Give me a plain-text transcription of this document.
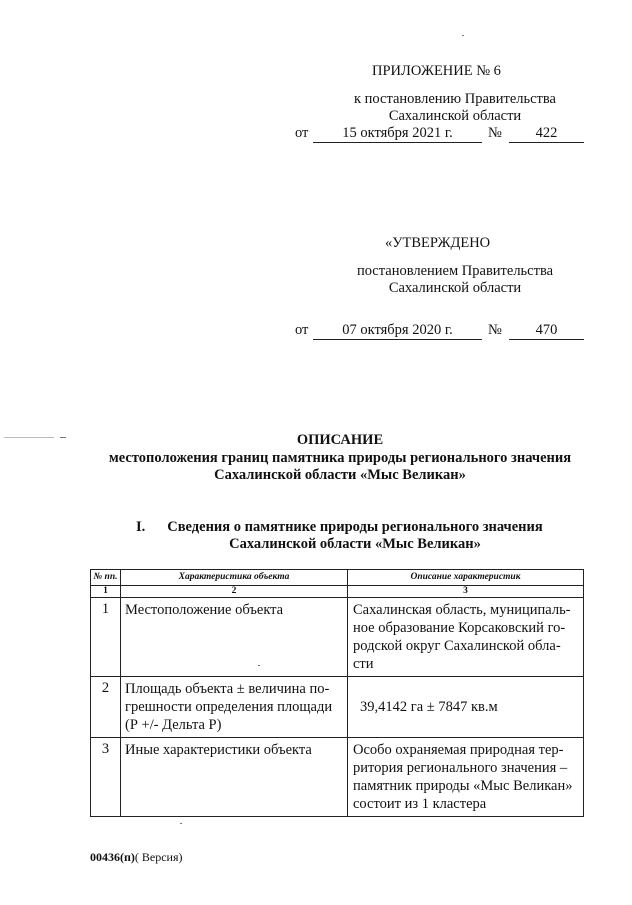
ПРИЛОЖЕНИЕ № 6
к постановлению Правительства
Сахалинской области
от	15 октября 2021 г.	№	422
«УТВЕРЖДЕНО
постановлением Правительства
Сахалинской области
от	07 октября 2020 г.	№	470
ОПИСАНИЕ
местоположения границ памятника природы регионального значения
Сахалинской области «Мыс Великан»
I.	Сведения о памятнике природы регионального значения
Сахалинской области «Мыс Великан»
№ пп.	Характеристика объекта	Описание характеристик
1	2	3
1	Местоположение объекта	Сахалинская область, муниципаль-ное образование Корсаковский го-родской округ Сахалинской обла-сти
2	Площадь объекта ± величина по-грешности определения площади (Р +/- Дельта Р)	39,4142 га ± 7847 кв.м
3	Иные характеристики объекта	Особо охраняемая природная тер-ритория регионального значения – памятник природы «Мыс Великан» состоит из 1 кластера
00436(п)( Версия)
